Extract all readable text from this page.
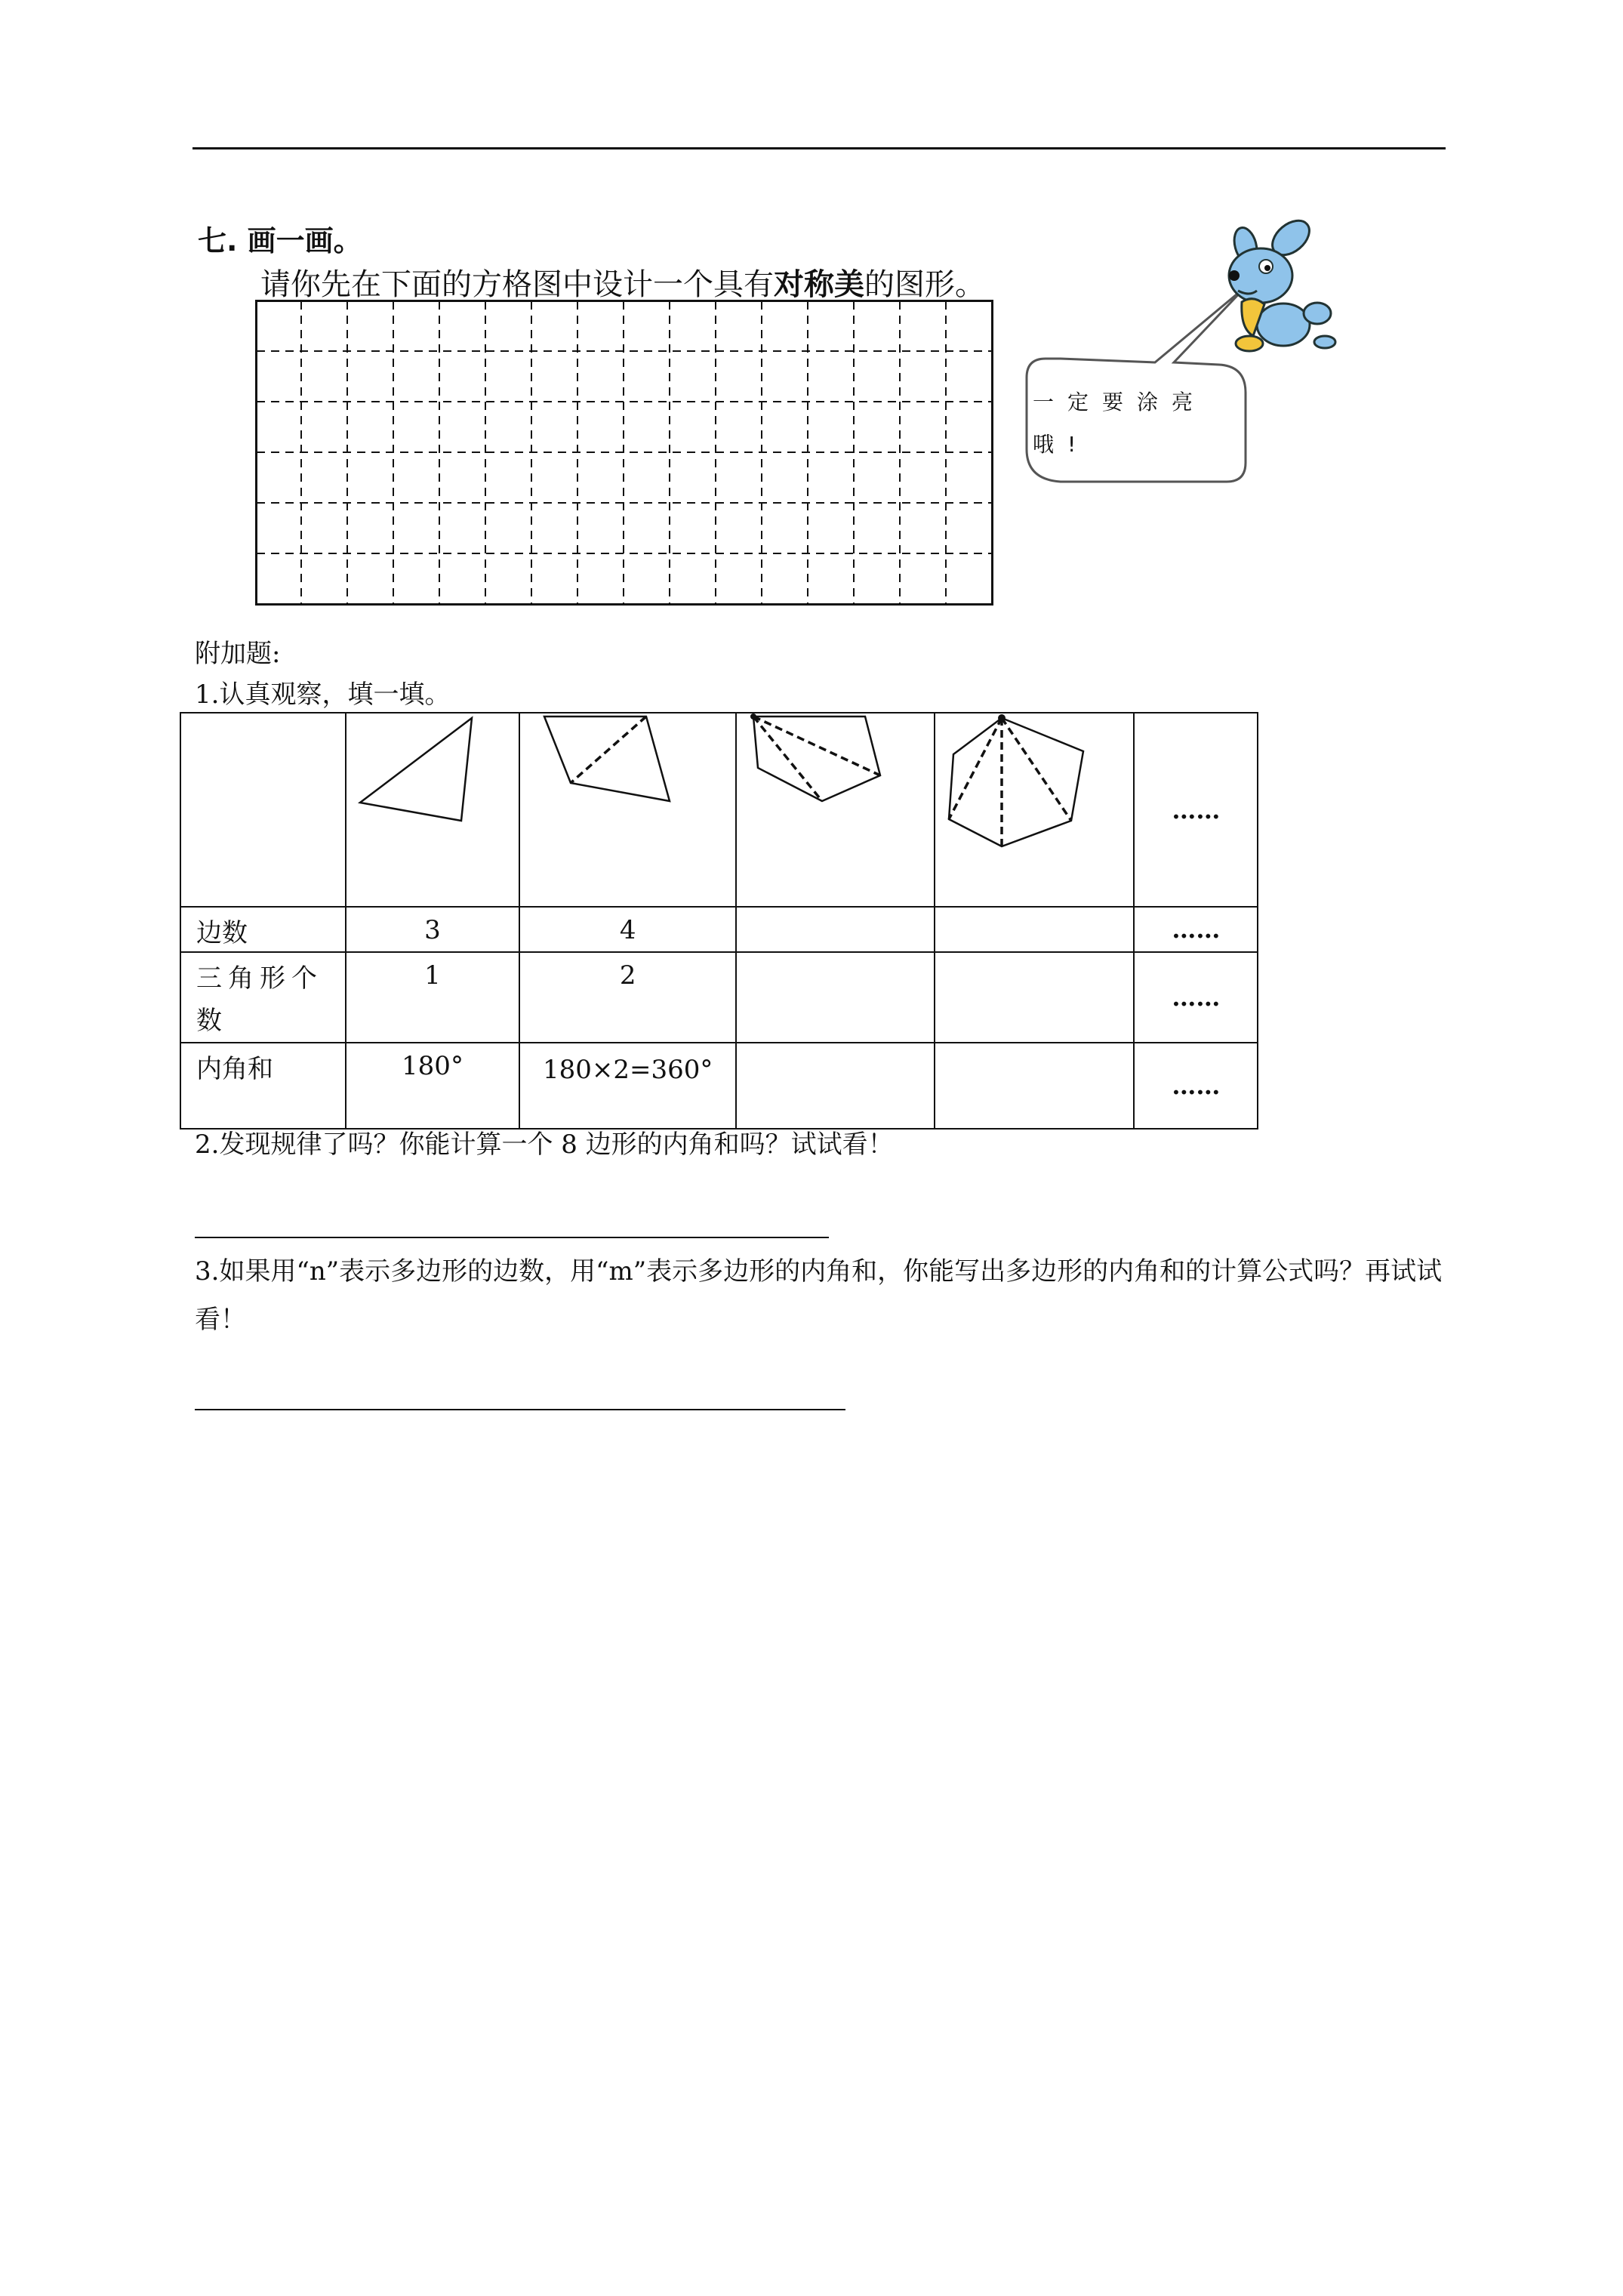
七. 画一画。
请你先在下面的方格图中设计一个具有对称美的图形。
一定要涂亮哦!
附加题:
1.认真观察，填一填。
					……
边数	3	4			……
三角形个数	1	2			……
内角和	180°	180×2=360°			……
2.发现规律了吗？你能计算一个 8 边形的内角和吗？试试看！
3.如果用“n”表示多边形的边数，用“m”表示多边形的内角和，你能写出多边形的内角和的计算公式吗？再试试看！
